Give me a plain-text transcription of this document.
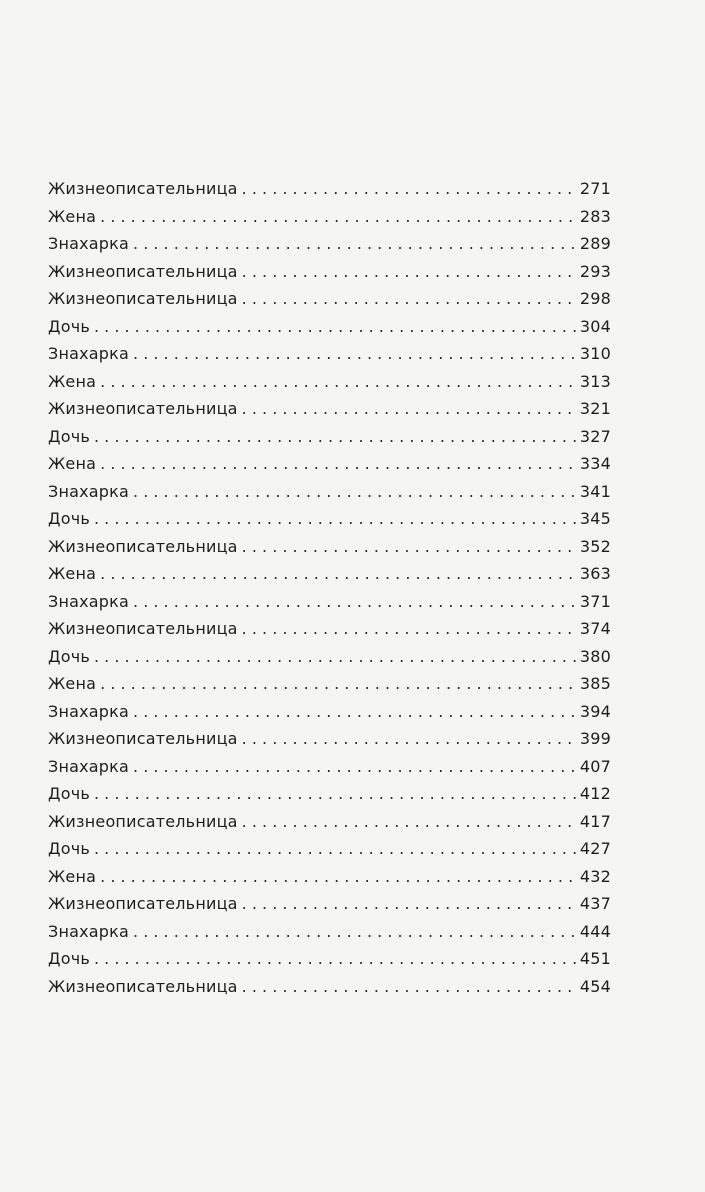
Жизнеописательница . . .	271
Жена . . .	283
Знахарка . . .	289
Жизнеописательница . . .	293
Жизнеописательница . . .	298
Дочь . . .	304
Знахарка . . .	310
Жена . . .	313
Жизнеописательница . . .	321
Дочь . . .	327
Жена . . .	334
Знахарка . . .	341
Дочь . . .	345
Жизнеописательница . . .	352
Жена . . .	363
Знахарка . . .	371
Жизнеописательница . . .	374
Дочь . . .	380
Жена . . .	385
Знахарка . . .	394
Жизнеописательница . . .	399
Знахарка . . .	407
Дочь . . .	412
Жизнеописательница . . .	417
Дочь . . .	427
Жена . . .	432
Жизнеописательница . . .	437
Знахарка . . .	444
Дочь . . .	451
Жизнеописательница . . .	454
